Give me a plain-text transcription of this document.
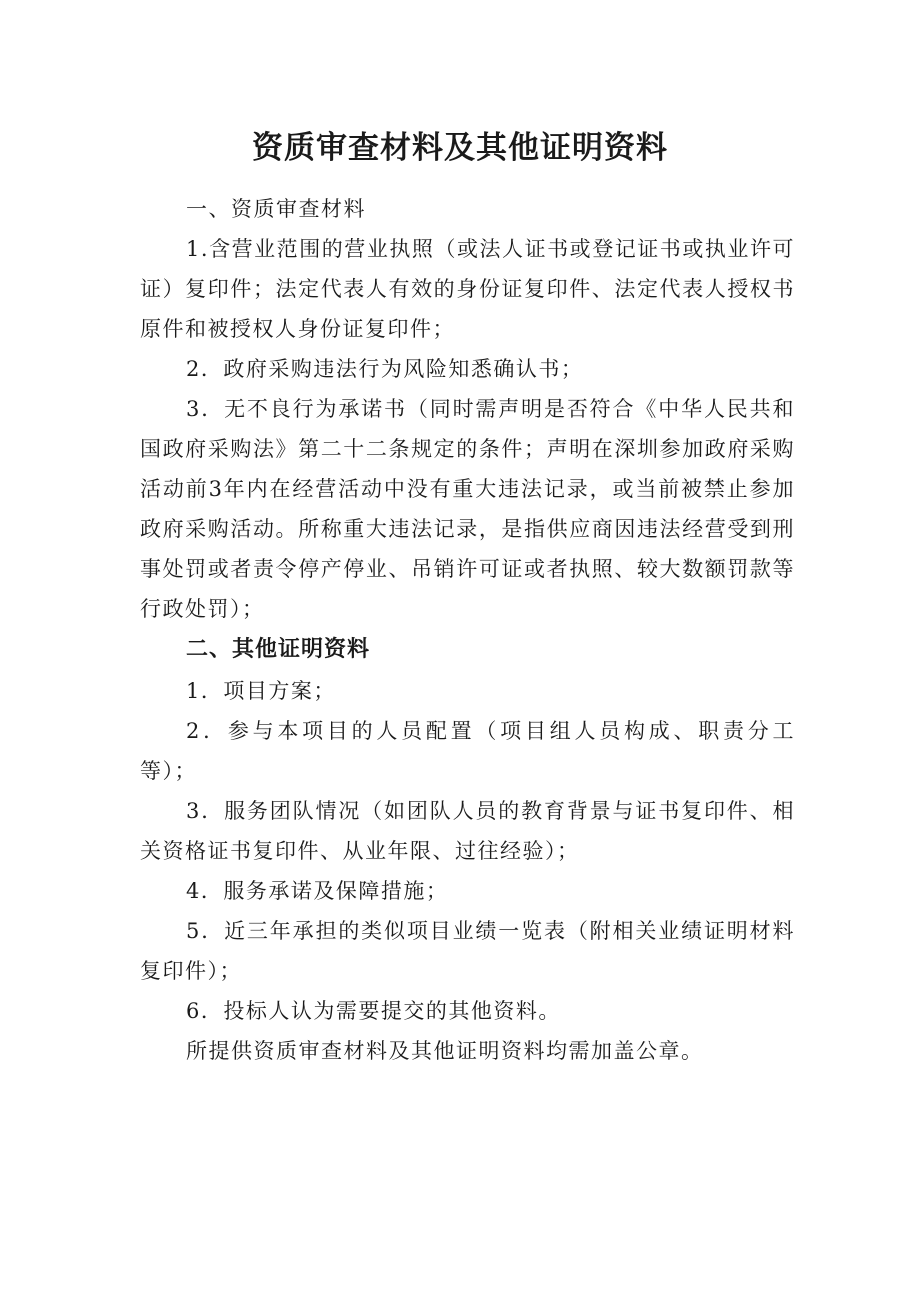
资质审查材料及其他证明资料

一、资质审查材料

1.含营业范围的营业执照（或法人证书或登记证书或执业许可证）复印件；法定代表人有效的身份证复印件、法定代表人授权书原件和被授权人身份证复印件；

2．政府采购违法行为风险知悉确认书；

3．无不良行为承诺书（同时需声明是否符合《中华人民共和国政府采购法》第二十二条规定的条件；声明在深圳参加政府采购活动前3年内在经营活动中没有重大违法记录，或当前被禁止参加政府采购活动。所称重大违法记录，是指供应商因违法经营受到刑事处罚或者责令停产停业、吊销许可证或者执照、较大数额罚款等行政处罚）；

二、其他证明资料

1．项目方案；

2．参与本项目的人员配置（项目组人员构成、职责分工等）；

3．服务团队情况（如团队人员的教育背景与证书复印件、相关资格证书复印件、从业年限、过往经验）；

4．服务承诺及保障措施；

5．近三年承担的类似项目业绩一览表（附相关业绩证明材料复印件）；

6．投标人认为需要提交的其他资料。

所提供资质审查材料及其他证明资料均需加盖公章。
